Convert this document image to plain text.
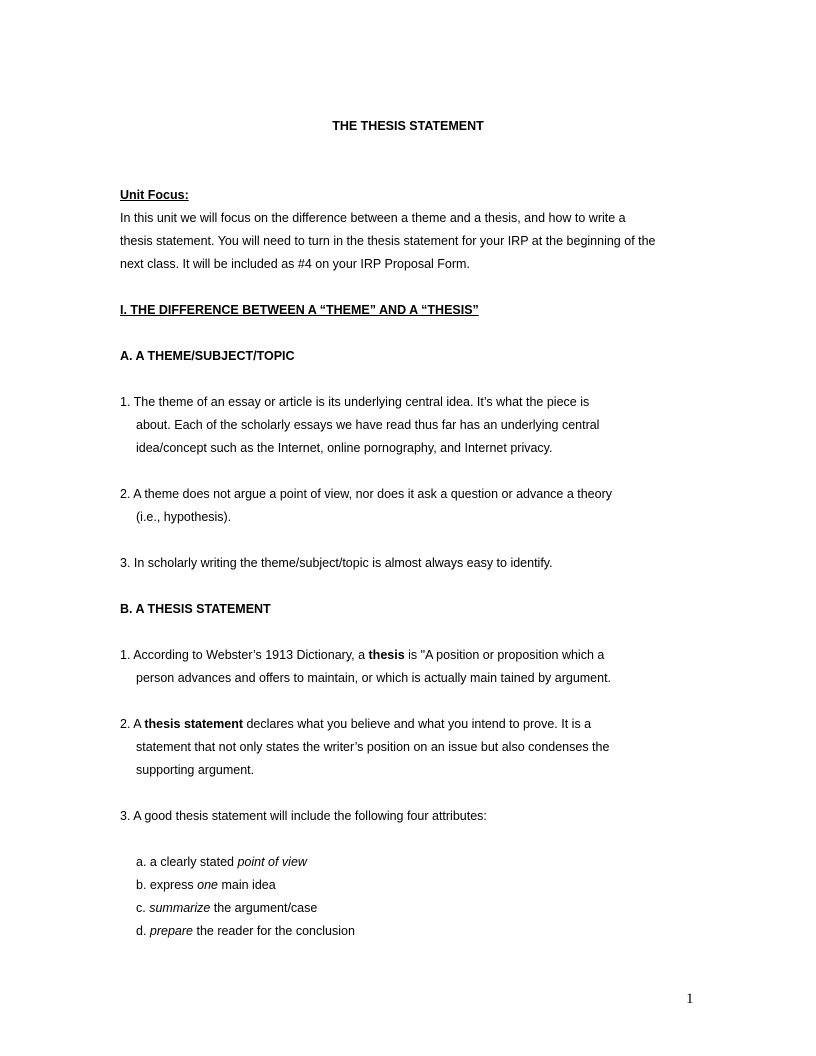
THE THESIS STATEMENT
Unit Focus:
In this unit we will focus on the difference between a theme and a thesis, and how to write a
thesis statement. You will need to turn in the thesis statement for your IRP at the beginning of the
next class. It will be included as #4 on your IRP Proposal Form.
I. THE DIFFERENCE BETWEEN A “THEME” AND A “THESIS”
A. A THEME/SUBJECT/TOPIC
1. The theme of an essay or article is its underlying central idea. It’s what the piece is
about. Each of the scholarly essays we have read thus far has an underlying central
idea/concept such as the Internet, online pornography, and Internet privacy.
2. A theme does not argue a point of view, nor does it ask a question or advance a theory
(i.e., hypothesis).
3. In scholarly writing the theme/subject/topic is almost always easy to identify.
B. A THESIS STATEMENT
1. According to Webster’s 1913 Dictionary, a thesis is "A position or proposition which a
person advances and offers to maintain, or which is actually main tained by argument.
2. A thesis statement declares what you believe and what you intend to prove. It is a
statement that not only states the writer’s position on an issue but also condenses the
supporting argument.
3. A good thesis statement will include the following four attributes:
a. a clearly stated point of view
b. express one main idea
c. summarize the argument/case
d. prepare the reader for the conclusion
1
